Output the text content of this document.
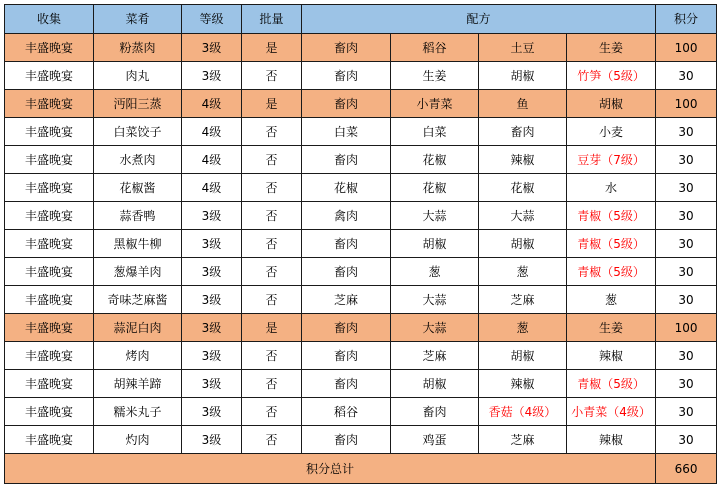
收集	菜肴	等级	批量	配方				积分
丰盛晚宴	粉蒸肉	3级	是	畜肉	稻谷	土豆	生姜	100
丰盛晚宴	肉丸	3级	否	畜肉	生姜	胡椒	竹笋（5级）	30
丰盛晚宴	沔阳三蒸	4级	是	畜肉	小青菜	鱼	胡椒	100
丰盛晚宴	白菜饺子	4级	否	白菜	白菜	畜肉	小麦	30
丰盛晚宴	水煮肉	4级	否	畜肉	花椒	辣椒	豆芽（7级）	30
丰盛晚宴	花椒酱	4级	否	花椒	花椒	花椒	水	30
丰盛晚宴	蒜香鸭	3级	否	禽肉	大蒜	大蒜	青椒（5级）	30
丰盛晚宴	黑椒牛柳	3级	否	畜肉	胡椒	胡椒	青椒（5级）	30
丰盛晚宴	葱爆羊肉	3级	否	畜肉	葱	葱	青椒（5级）	30
丰盛晚宴	奇味芝麻酱	3级	否	芝麻	大蒜	芝麻	葱	30
丰盛晚宴	蒜泥白肉	3级	是	畜肉	大蒜	葱	生姜	100
丰盛晚宴	烤肉	3级	否	畜肉	芝麻	胡椒	辣椒	30
丰盛晚宴	胡辣羊蹄	3级	否	畜肉	胡椒	辣椒	青椒（5级）	30
丰盛晚宴	糯米丸子	3级	否	稻谷	畜肉	香菇（4级）	小青菜（4级）	30
丰盛晚宴	灼肉	3级	否	畜肉	鸡蛋	芝麻	辣椒	30
积分总计								660
